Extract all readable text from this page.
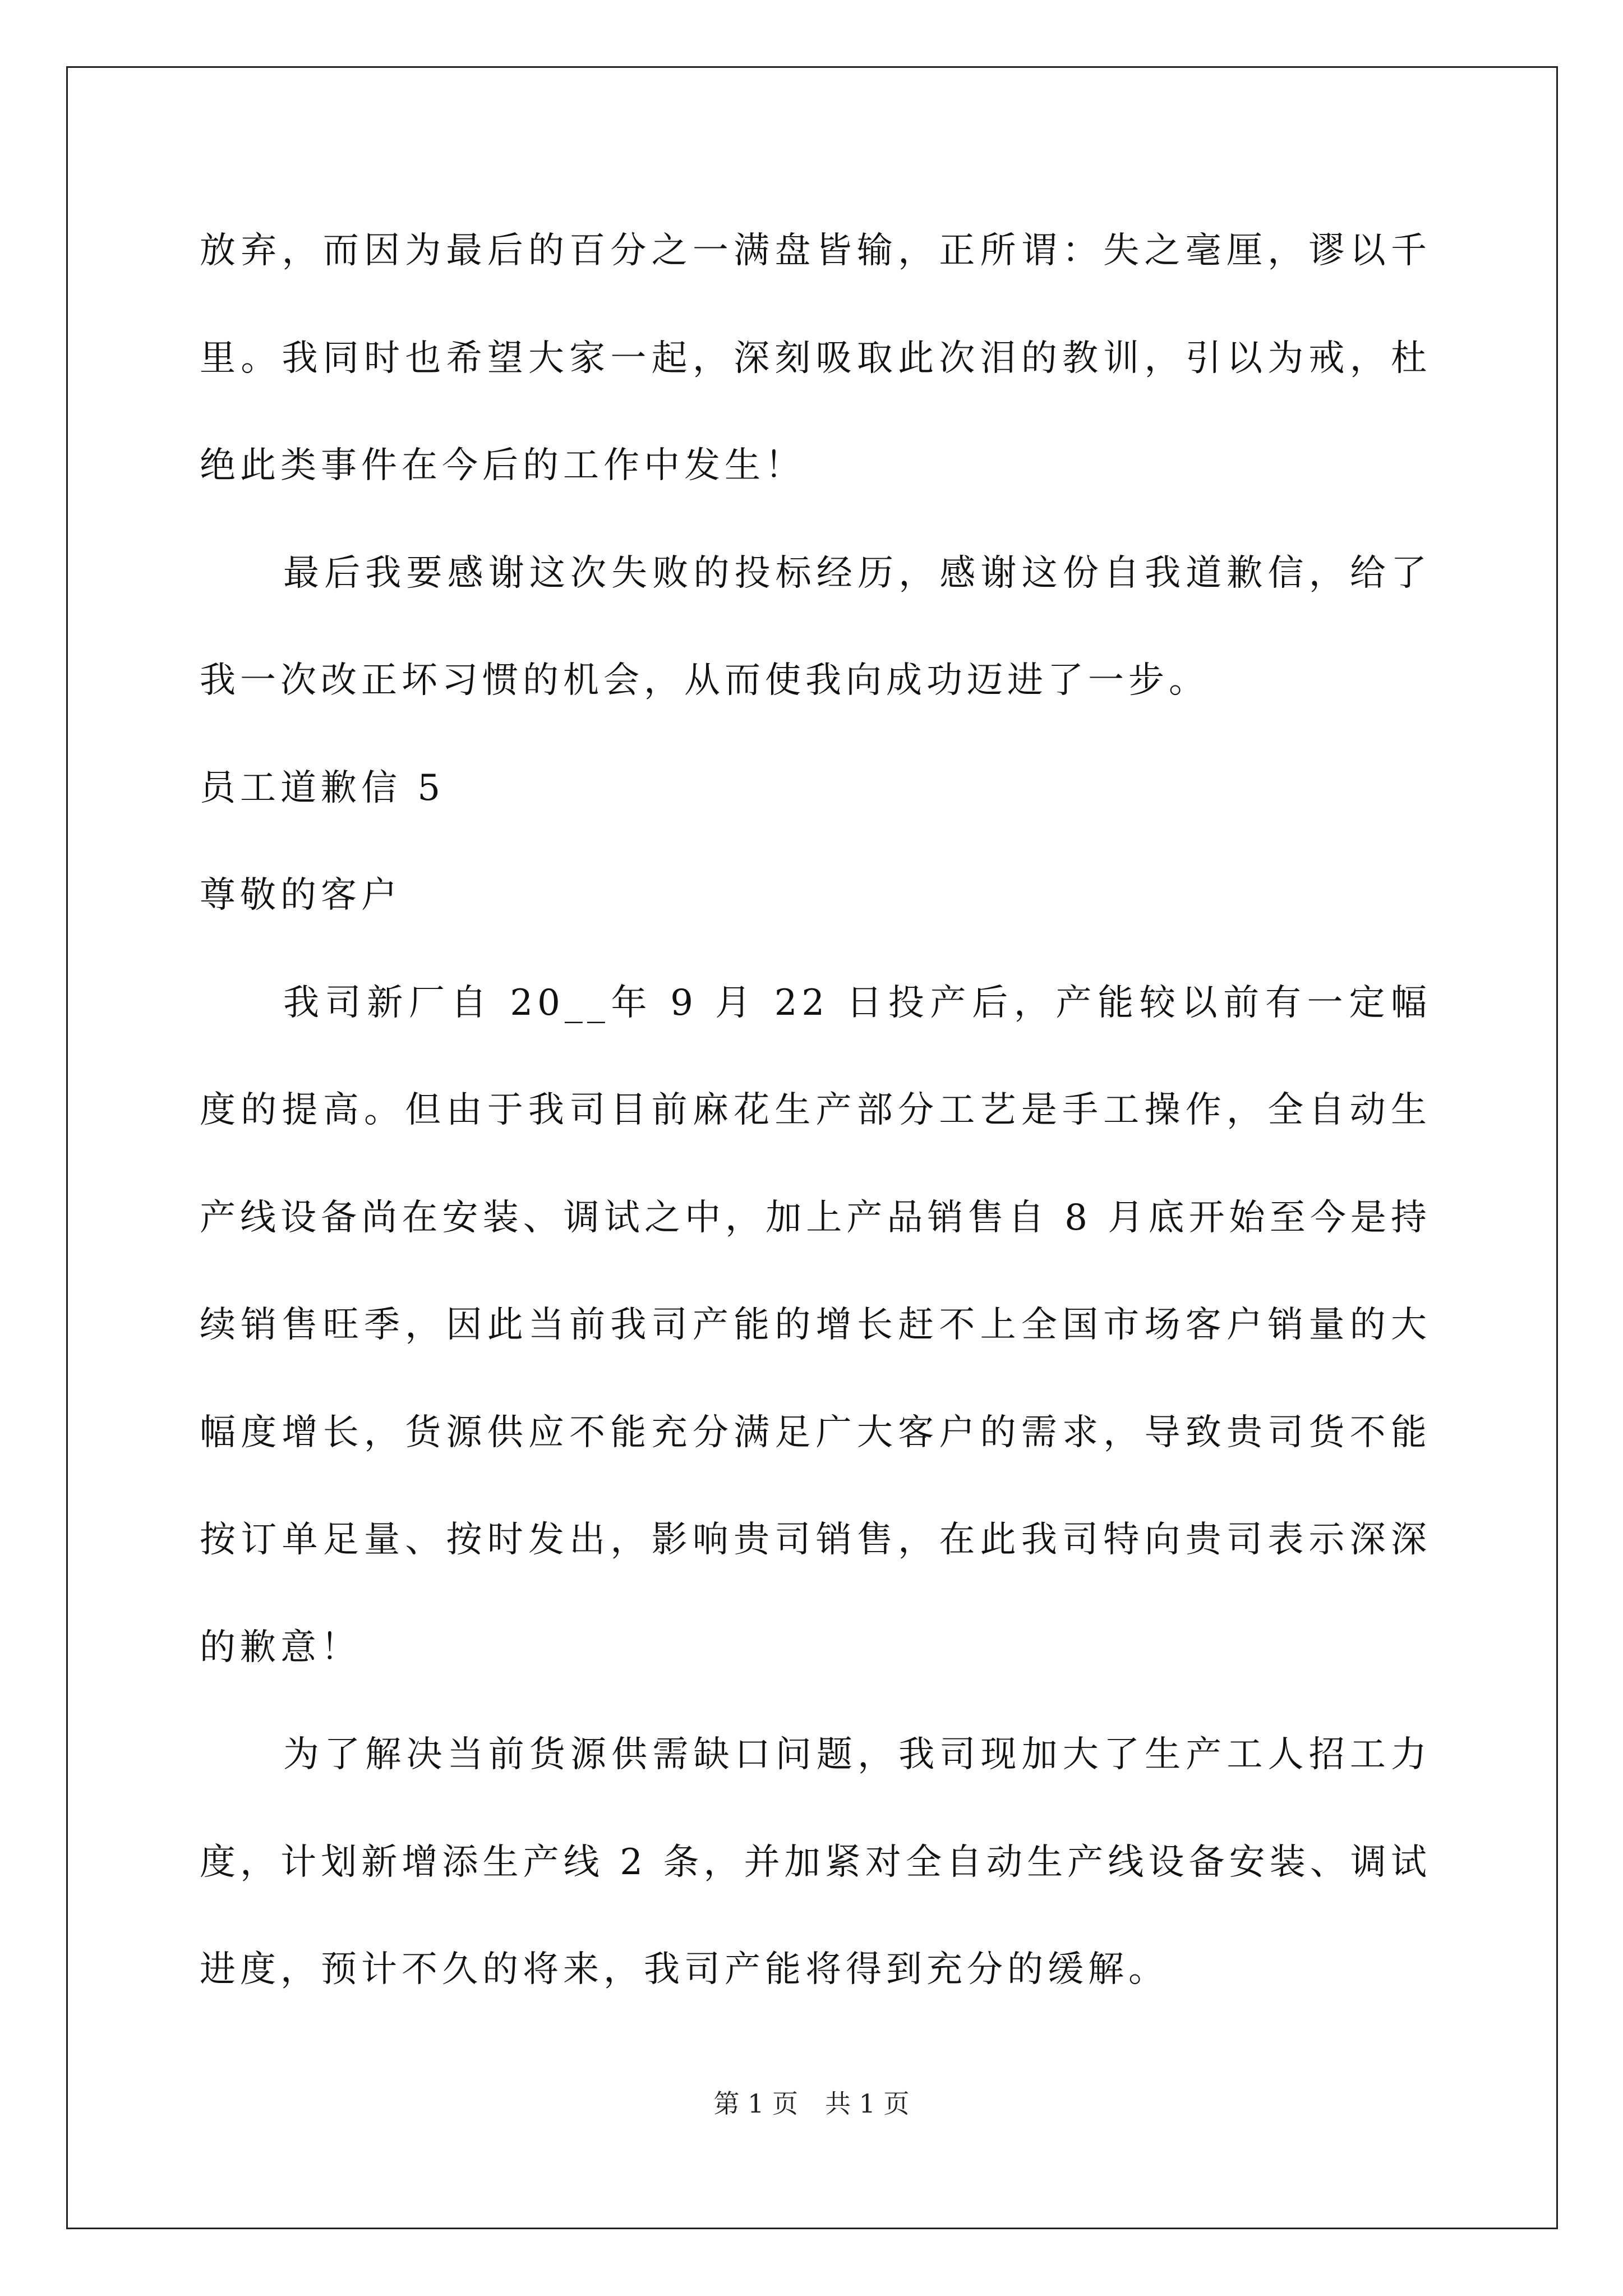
放弃，而因为最后的百分之一满盘皆输，正所谓：失之毫厘，谬以千里。我同时也希望大家一起，深刻吸取此次泪的教训，引以为戒，杜绝此类事件在今后的工作中发生！

最后我要感谢这次失败的投标经历，感谢这份自我道歉信，给了我一次改正坏习惯的机会，从而使我向成功迈进了一步。

员工道歉信 5

尊敬的客户

我司新厂自 20__年 9 月 22 日投产后，产能较以前有一定幅度的提高。但由于我司目前麻花生产部分工艺是手工操作，全自动生产线设备尚在安装、调试之中，加上产品销售自 8 月底开始至今是持续销售旺季，因此当前我司产能的增长赶不上全国市场客户销量的大幅度增长，货源供应不能充分满足广大客户的需求，导致贵司货不能按订单足量、按时发出，影响贵司销售，在此我司特向贵司表示深深的歉意！

为了解决当前货源供需缺口问题，我司现加大了生产工人招工力度，计划新增添生产线 2 条，并加紧对全自动生产线设备安装、调试进度，预计不久的将来，我司产能将得到充分的缓解。

第 1 页 共 1 页
